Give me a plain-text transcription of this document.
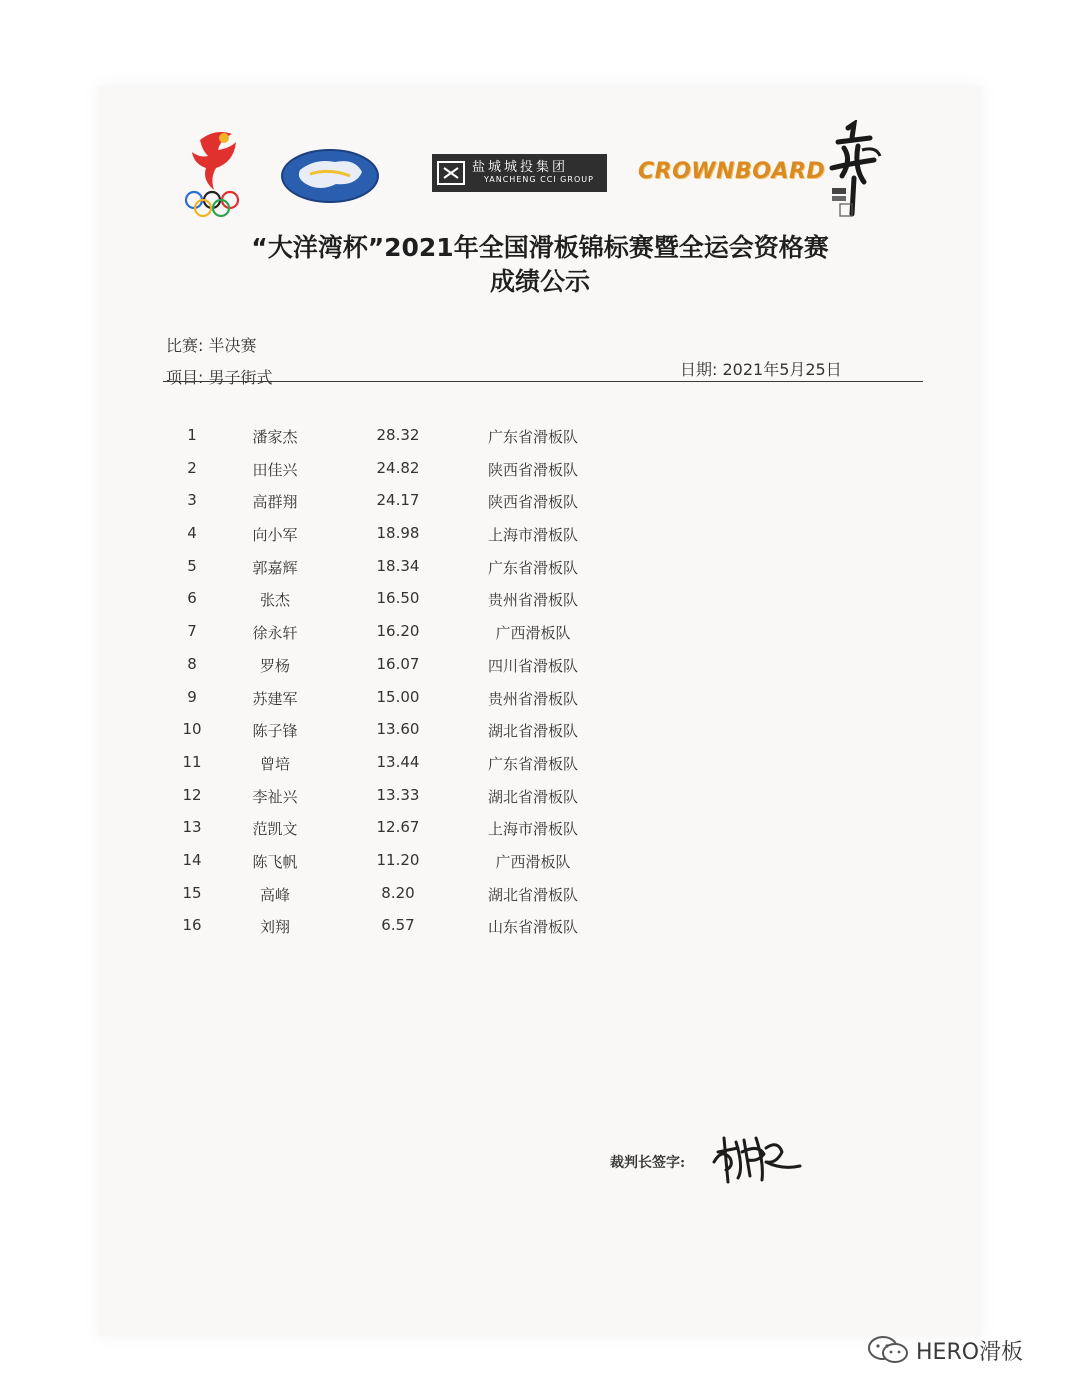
盐城城投集团
YANCHENG CCI GROUP CROWNBOARD
“大洋湾杯”2021年全国滑板锦标赛暨全运会资格赛
成绩公示
比赛: 半决赛
项目: 男子街式	日期: 2021年5月25日
1	潘家杰	28.32	广东省滑板队
2	田佳兴	24.82	陕西省滑板队
3	高群翔	24.17	陕西省滑板队
4	向小军	18.98	上海市滑板队
5	郭嘉辉	18.34	广东省滑板队
6	张杰	16.50	贵州省滑板队
7	徐永轩	16.20	广西滑板队
8	罗杨	16.07	四川省滑板队
9	苏建军	15.00	贵州省滑板队
10	陈子锋	13.60	湖北省滑板队
11	曾培	13.44	广东省滑板队
12	李祉兴	13.33	湖北省滑板队
13	范凯文	12.67	上海市滑板队
14	陈飞帆	11.20	广西滑板队
15	高峰	8.20	湖北省滑板队
16	刘翔	6.57	山东省滑板队
裁判长签字:
HERO滑板
